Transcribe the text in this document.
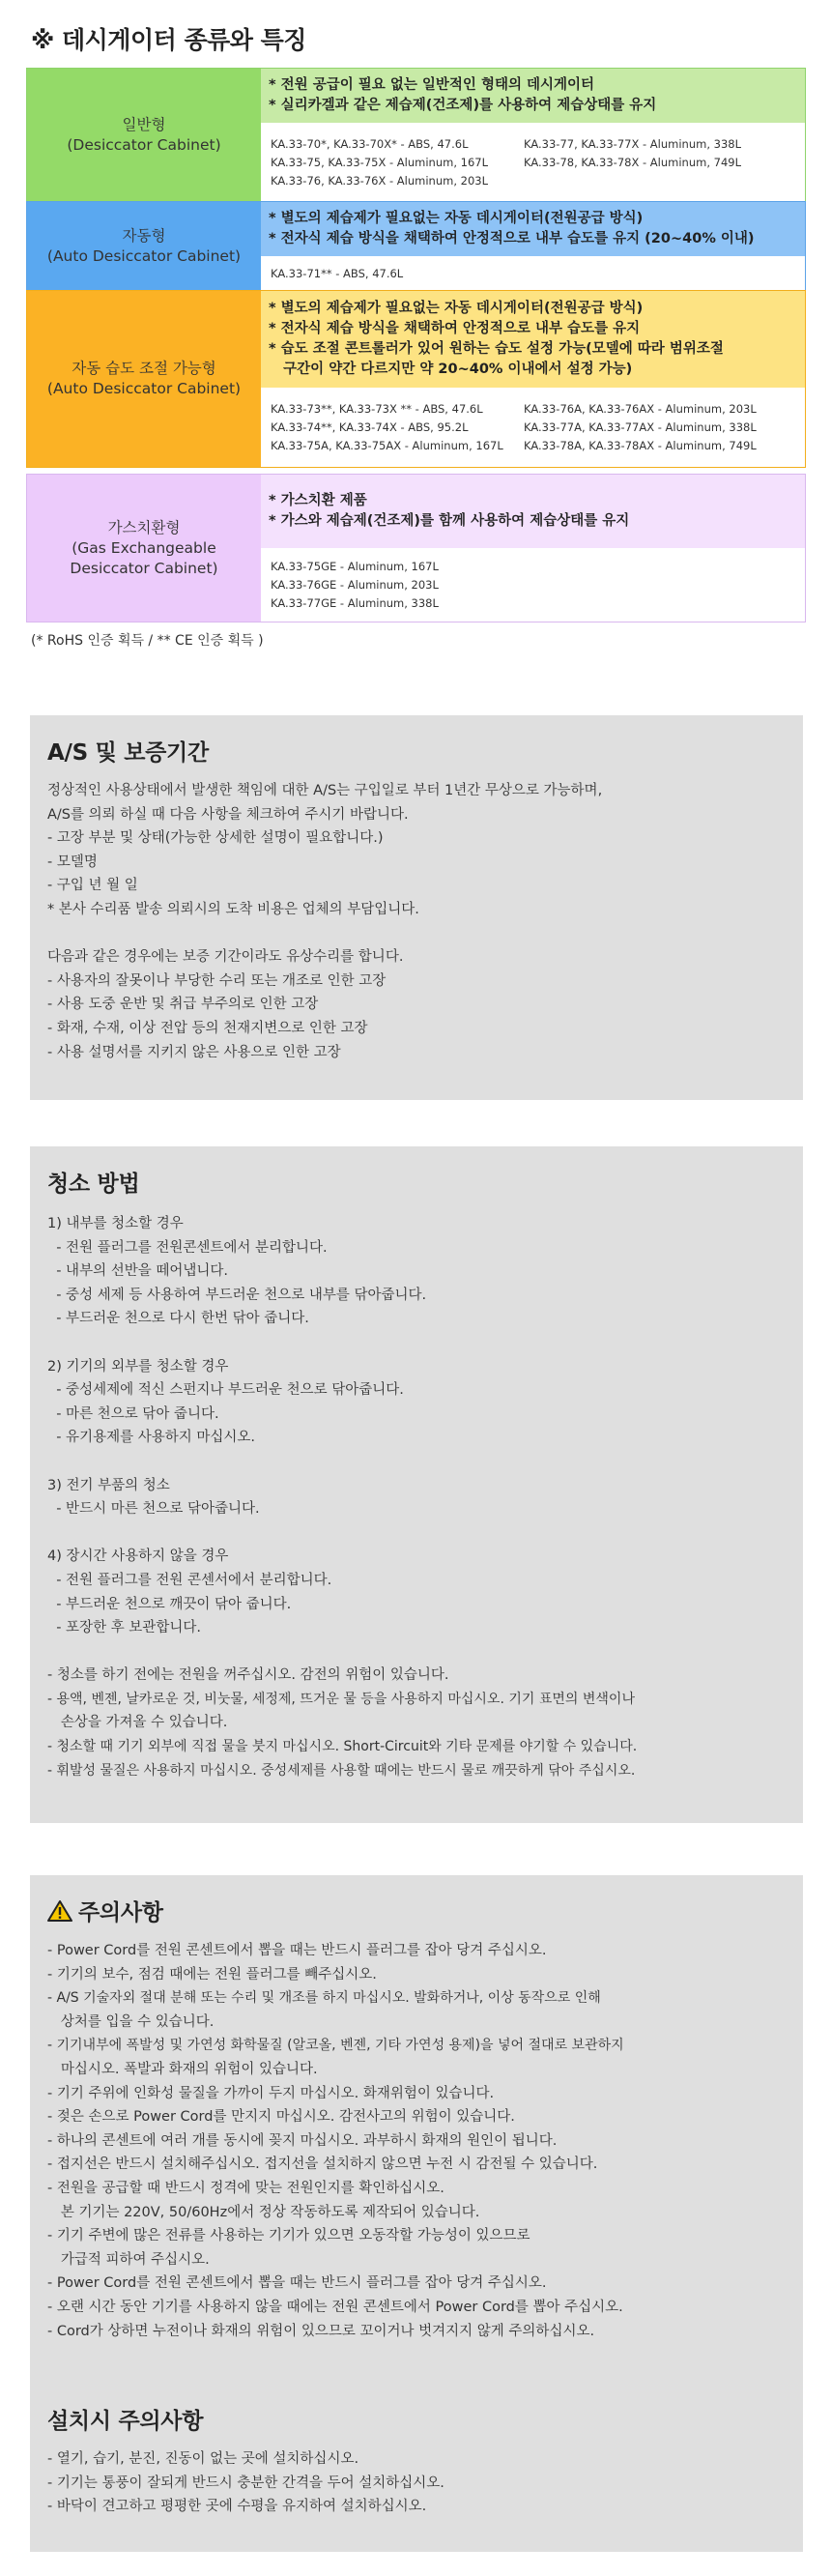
※ 데시게이터 종류와 특징
일반형
(Desiccator Cabinet)
* 전원 공급이 필요 없는 일반적인 형태의 데시게이터
* 실리카겔과 같은 제습제(건조제)를 사용하여 제습상태를 유지
KA.33-70*, KA.33-70X* - ABS, 47.6L	KA.33-77, KA.33-77X - Aluminum, 338L
KA.33-75, KA.33-75X - Aluminum, 167L	KA.33-78, KA.33-78X - Aluminum, 749L
KA.33-76, KA.33-76X - Aluminum, 203L
자동형
(Auto Desiccator Cabinet)
* 별도의 제습제가 필요없는 자동 데시게이터(전원공급 방식)
* 전자식 제습 방식을 채택하여 안정적으로 내부 습도를 유지 (20~40% 이내)
KA.33-71** - ABS, 47.6L
자동 습도 조절 가능형
(Auto Desiccator Cabinet)
* 별도의 제습제가 필요없는 자동 데시게이터(전원공급 방식)
* 전자식 제습 방식을 채택하여 안정적으로 내부 습도를 유지
* 습도 조절 콘트롤러가 있어 원하는 습도 설정 가능(모델에 따라 범위조절
구간이 약간 다르지만 약 20~40% 이내에서 설정 가능)
KA.33-73**, KA.33-73X ** - ABS, 47.6L	KA.33-76A, KA.33-76AX - Aluminum, 203L
KA.33-74**, KA.33-74X - ABS, 95.2L	KA.33-77A, KA.33-77AX - Aluminum, 338L
KA.33-75A, KA.33-75AX - Aluminum, 167L	KA.33-78A, KA.33-78AX - Aluminum, 749L
가스치환형
(Gas Exchangeable
Desiccator Cabinet)
* 가스치환 제품
* 가스와 제습제(건조제)를 함께 사용하여 제습상태를 유지
KA.33-75GE - Aluminum, 167L
KA.33-76GE - Aluminum, 203L
KA.33-77GE - Aluminum, 338L
(* RoHS 인증 획득 / ** CE 인증 획득 )
A/S 및 보증기간
정상적인 사용상태에서 발생한 책임에 대한 A/S는 구입일로 부터 1년간 무상으로 가능하며,
A/S를 의뢰 하실 때 다음 사항을 체크하여 주시기 바랍니다.
- 고장 부분 및 상태(가능한 상세한 설명이 필요합니다.)
- 모델명
- 구입 년 월 일
* 본사 수리품 발송 의뢰시의 도착 비용은 업체의 부담입니다.
다음과 같은 경우에는 보증 기간이라도 유상수리를 합니다.
- 사용자의 잘못이나 부당한 수리 또는 개조로 인한 고장
- 사용 도중 운반 및 취급 부주의로 인한 고장
- 화재, 수재, 이상 전압 등의 천재지변으로 인한 고장
- 사용 설명서를 지키지 않은 사용으로 인한 고장
청소 방법
1) 내부를 청소할 경우
- 전원 플러그를 전원콘센트에서 분리합니다.
- 내부의 선반을 떼어냅니다.
- 중성 세제 등 사용하여 부드러운 천으로 내부를 닦아줍니다.
- 부드러운 천으로 다시 한번 닦아 줍니다.
2) 기기의 외부를 청소할 경우
- 중성세제에 적신 스펀지나 부드러운 천으로 닦아줍니다.
- 마른 천으로 닦아 줍니다.
- 유기용제를 사용하지 마십시오.
3) 전기 부품의 청소
- 반드시 마른 천으로 닦아줍니다.
4) 장시간 사용하지 않을 경우
- 전원 플러그를 전원 콘센서에서 분리합니다.
- 부드러운 천으로 깨끗이 닦아 줍니다.
- 포장한 후 보관합니다.
- 청소를 하기 전에는 전원을 꺼주십시오. 감전의 위험이 있습니다.
- 용액, 벤젠, 날카로운 것, 비눗물, 세정제, 뜨거운 물 등을 사용하지 마십시오. 기기 표면의 변색이나
손상을 가져올 수 있습니다.
- 청소할 때 기기 외부에 직접 물을 붓지 마십시오. Short-Circuit와 기타 문제를 야기할 수 있습니다.
- 휘발성 물질은 사용하지 마십시오. 중성세제를 사용할 때에는 반드시 물로 깨끗하게 닦아 주십시오.
주의사항
- Power Cord를 전원 콘센트에서 뽑을 때는 반드시 플러그를 잡아 당겨 주십시오.
- 기기의 보수, 점검 때에는 전원 플러그를 빼주십시오.
- A/S 기술자외 절대 분해 또는 수리 및 개조를 하지 마십시오. 발화하거나, 이상 동작으로 인해
상처를 입을 수 있습니다.
- 기기내부에 폭발성 및 가연성 화학물질 (알코올, 벤젠, 기타 가연성 용제)을 넣어 절대로 보관하지
마십시오. 폭발과 화재의 위험이 있습니다.
- 기기 주위에 인화성 물질을 가까이 두지 마십시오. 화재위험이 있습니다.
- 젖은 손으로 Power Cord를 만지지 마십시오. 감전사고의 위험이 있습니다.
- 하나의 콘센트에 여러 개를 동시에 꽂지 마십시오. 과부하시 화재의 원인이 됩니다.
- 접지선은 반드시 설치해주십시오. 접지선을 설치하지 않으면 누전 시 감전될 수 있습니다.
- 전원을 공급할 때 반드시 정격에 맞는 전원인지를 확인하십시오.
본 기기는 220V, 50/60Hz에서 정상 작동하도록 제작되어 있습니다.
- 기기 주변에 많은 전류를 사용하는 기기가 있으면 오동작할 가능성이 있으므로
가급적 피하여 주십시오.
- Power Cord를 전원 콘센트에서 뽑을 때는 반드시 플러그를 잡아 당겨 주십시오.
- 오랜 시간 동안 기기를 사용하지 않을 때에는 전원 콘센트에서 Power Cord를 뽑아 주십시오.
- Cord가 상하면 누전이나 화재의 위험이 있으므로 꼬이거나 벗겨지지 않게 주의하십시오.
설치시 주의사항
- 열기, 습기, 분진, 진동이 없는 곳에 설치하십시오.
- 기기는 통풍이 잘되게 반드시 충분한 간격을 두어 설치하십시오.
- 바닥이 견고하고 평평한 곳에 수평을 유지하여 설치하십시오.
